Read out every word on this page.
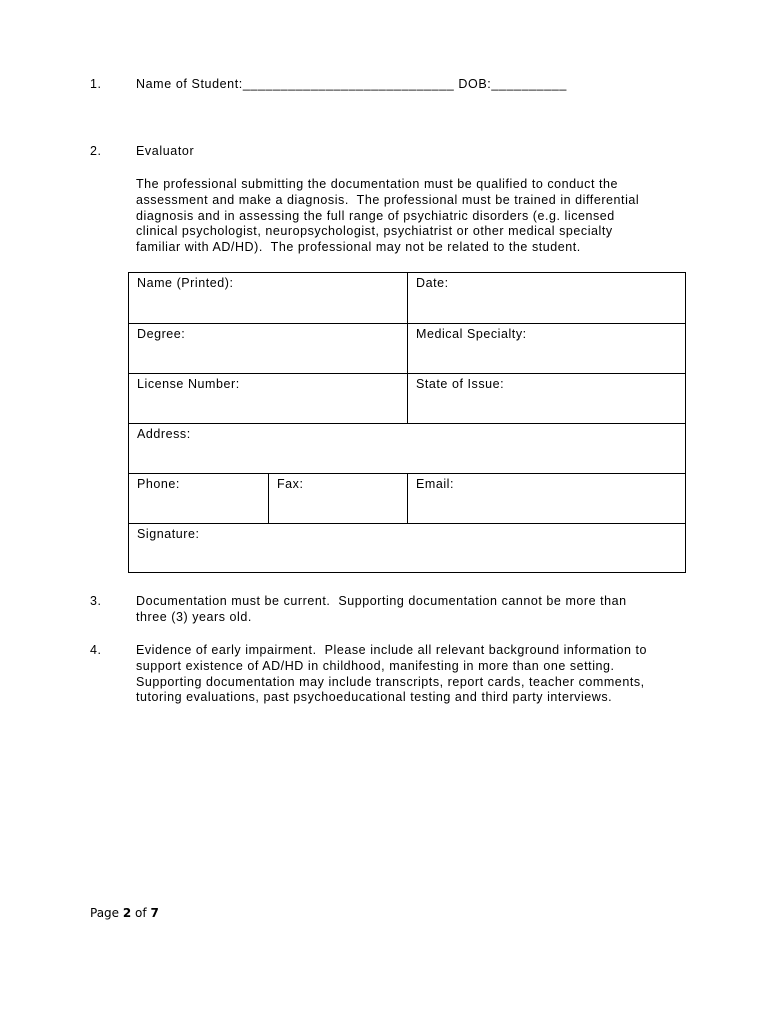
1.	Name of Student:____________________________ DOB:__________
2.	Evaluator
The professional submitting the documentation must be qualified to conduct the
assessment and make a diagnosis.  The professional must be trained in differential
diagnosis and in assessing the full range of psychiatric disorders (e.g. licensed
clinical psychologist, neuropsychologist, psychiatrist or other medical specialty
familiar with AD/HD).  The professional may not be related to the student.
Name (Printed):	Date:
Degree:	Medical Specialty:
License Number:	State of Issue:
Address:
Phone:	Fax:	Email:
Signature:
3.	Documentation must be current.  Supporting documentation cannot be more than
three (3) years old.
4.	Evidence of early impairment.  Please include all relevant background information to
support existence of AD/HD in childhood, manifesting in more than one setting.
Supporting documentation may include transcripts, report cards, teacher comments,
tutoring evaluations, past psychoeducational testing and third party interviews.
Page 2 of 7
